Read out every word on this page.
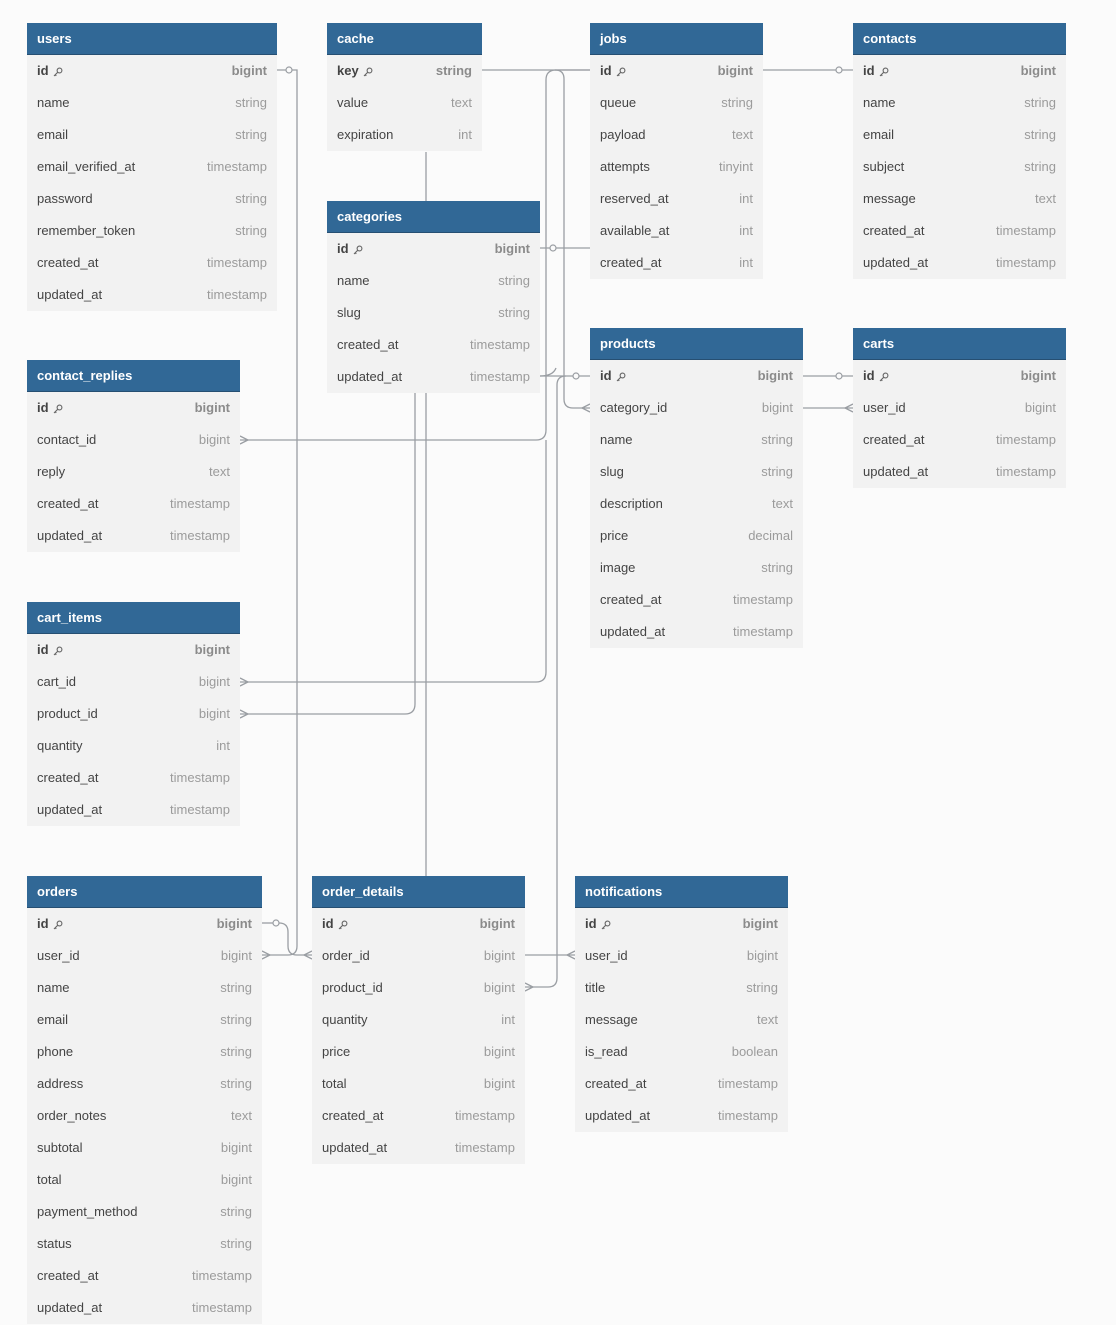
users
id	bigint
name	string
email	string
email_verified_at	timestamp
password	string
remember_token	string
created_at	timestamp
updated_at	timestamp
cache
key	string
value	text
expiration	int
jobs
id	bigint
queue	string
payload	text
attempts	tinyint
reserved_at	int
available_at	int
created_at	int
contacts
id	bigint
name	string
email	string
subject	string
message	text
created_at	timestamp
updated_at	timestamp
categories
id	bigint
name	string
slug	string
created_at	timestamp
updated_at	timestamp
contact_replies
id	bigint
contact_id	bigint
reply	text
created_at	timestamp
updated_at	timestamp
products
id	bigint
category_id	bigint
name	string
slug	string
description	text
price	decimal
image	string
created_at	timestamp
updated_at	timestamp
carts
id	bigint
user_id	bigint
created_at	timestamp
updated_at	timestamp
cart_items
id	bigint
cart_id	bigint
product_id	bigint
quantity	int
created_at	timestamp
updated_at	timestamp
orders
id	bigint
user_id	bigint
name	string
email	string
phone	string
address	string
order_notes	text
subtotal	bigint
total	bigint
payment_method	string
status	string
created_at	timestamp
updated_at	timestamp
order_details
id	bigint
order_id	bigint
product_id	bigint
quantity	int
price	bigint
total	bigint
created_at	timestamp
updated_at	timestamp
notifications
id	bigint
user_id	bigint
title	string
message	text
is_read	boolean
created_at	timestamp
updated_at	timestamp
